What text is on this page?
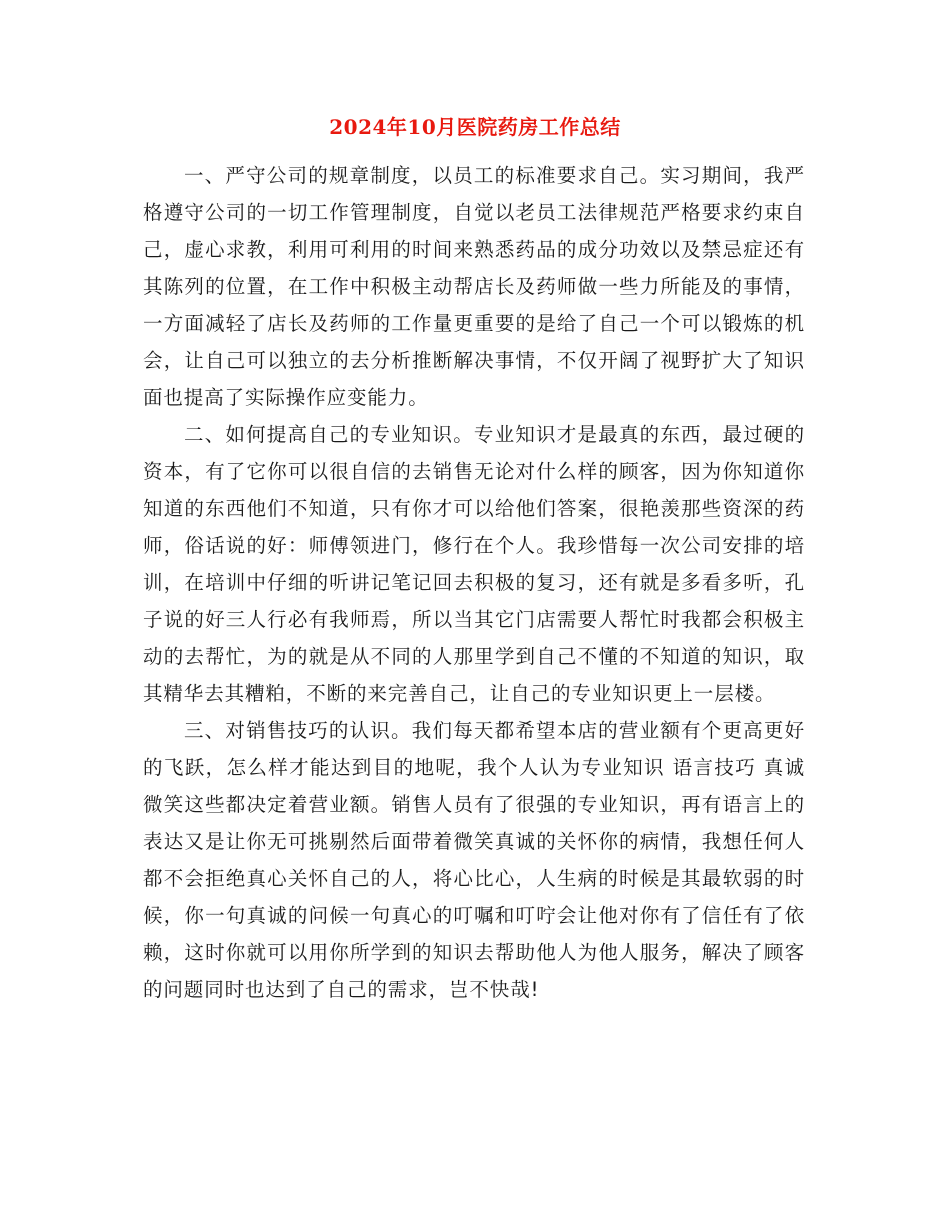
2024年10月医院药房工作总结

一、严守公司的规章制度，以员工的标准要求自己。实习期间，我严格遵守公司的一切工作管理制度，自觉以老员工法律规范严格要求约束自己，虚心求教，利用可利用的时间来熟悉药品的成分功效以及禁忌症还有其陈列的位置，在工作中积极主动帮店长及药师做一些力所能及的事情，一方面减轻了店长及药师的工作量更重要的是给了自己一个可以锻炼的机会，让自己可以独立的去分析推断解决事情，不仅开阔了视野扩大了知识面也提高了实际操作应变能力。

二、如何提高自己的专业知识。专业知识才是最真的东西，最过硬的资本，有了它你可以很自信的去销售无论对什么样的顾客，因为你知道你知道的东西他们不知道，只有你才可以给他们答案，很艳羡那些资深的药师，俗话说的好：师傅领进门，修行在个人。我珍惜每一次公司安排的培训，在培训中仔细的听讲记笔记回去积极的复习，还有就是多看多听，孔子说的好三人行必有我师焉，所以当其它门店需要人帮忙时我都会积极主动的去帮忙，为的就是从不同的人那里学到自己不懂的不知道的知识，取其精华去其糟粕，不断的来完善自己，让自己的专业知识更上一层楼。

三、对销售技巧的认识。我们每天都希望本店的营业额有个更高更好的飞跃，怎么样才能达到目的地呢，我个人认为专业知识 语言技巧 真诚微笑这些都决定着营业额。销售人员有了很强的专业知识，再有语言上的表达又是让你无可挑剔然后面带着微笑真诚的关怀你的病情，我想任何人都不会拒绝真心关怀自己的人，将心比心，人生病的时候是其最软弱的时候，你一句真诚的问候一句真心的叮嘱和叮咛会让他对你有了信任有了依赖，这时你就可以用你所学到的知识去帮助他人为他人服务，解决了顾客的问题同时也达到了自己的需求，岂不快哉!
